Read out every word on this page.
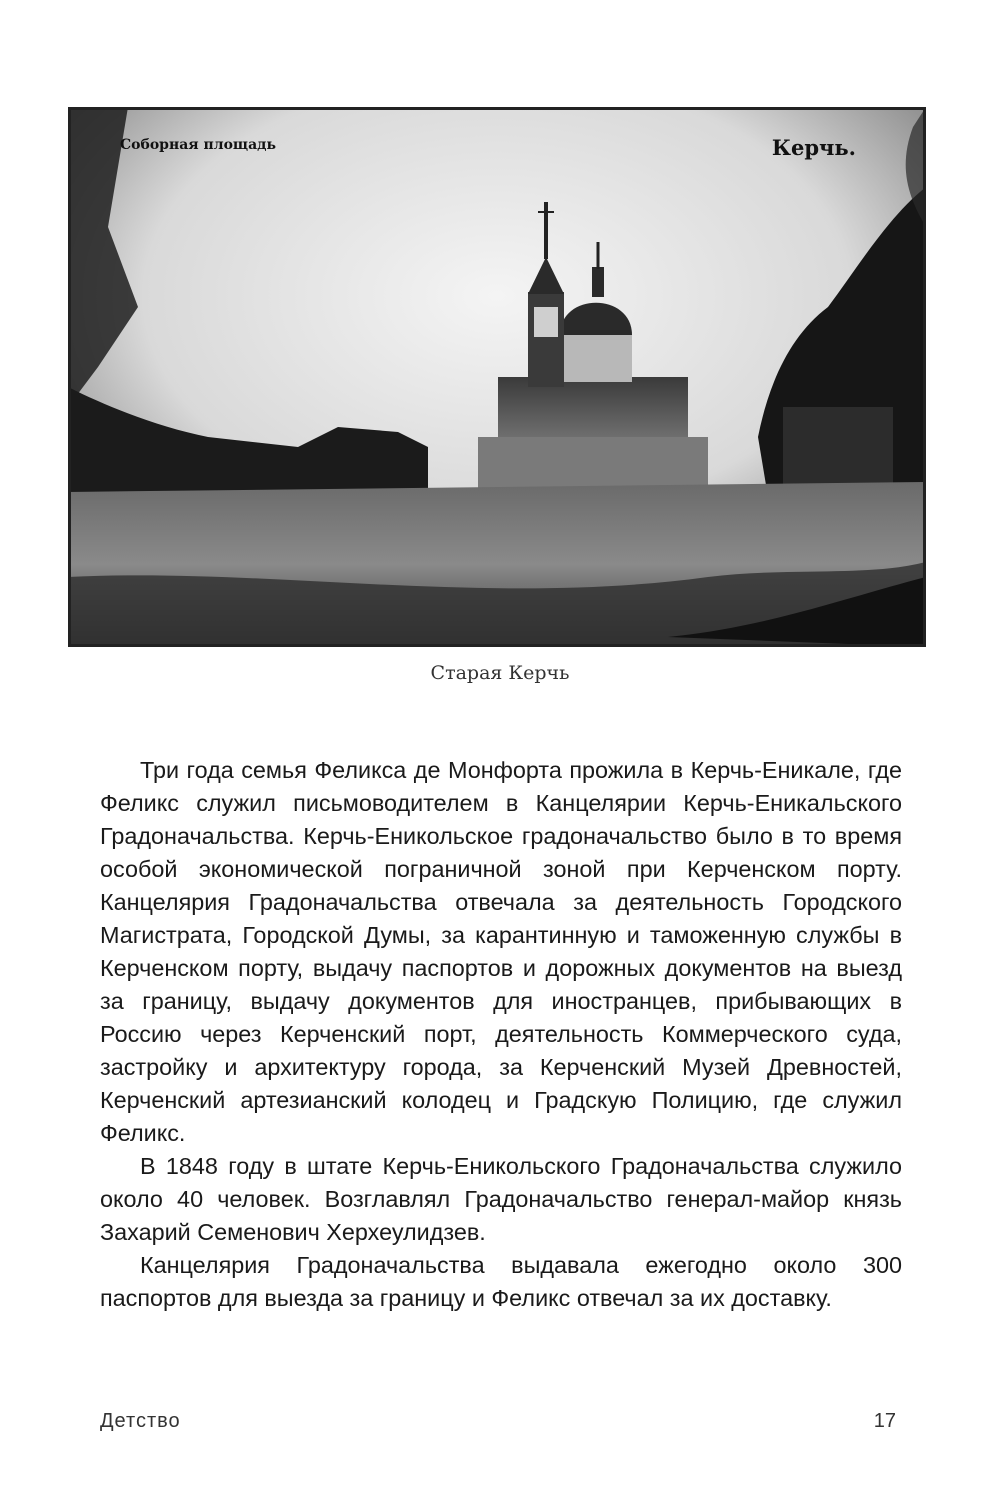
Соборная площадь	Керчь.
Старая Керчь

Три года семья Феликса де Монфорта прожила в Керчь-Еникале, где Феликс служил письмоводителем в Канцелярии Керчь-Еникальского Градоначальства. Керчь-Еникольское градоначальство было в то время особой экономической пограничной зоной при Керченском порту. Канцелярия Градоначальства отвечала за деятельность Городского Магистрата, Городской Думы, за карантинную и таможенную службы в Керченском порту, выдачу паспортов и дорожных документов на выезд за границу, выдачу документов для иностранцев, прибывающих в Россию через Керченский порт, деятельность Коммерческого суда, застройку и архитектуру города, за Керченский Музей Древностей, Керченский артезианский колодец и Градскую Полицию, где служил Феликс.

В 1848 году в штате Керчь-Еникольского Градоначальства служило около 40 человек. Возглавлял Градоначальство генерал-майор князь Захарий Семенович Херхеулидзев.

Канцелярия Градоначальства выдавала ежегодно около 300 паспортов для выезда за границу и Феликс отвечал за их доставку.

Детство	17
